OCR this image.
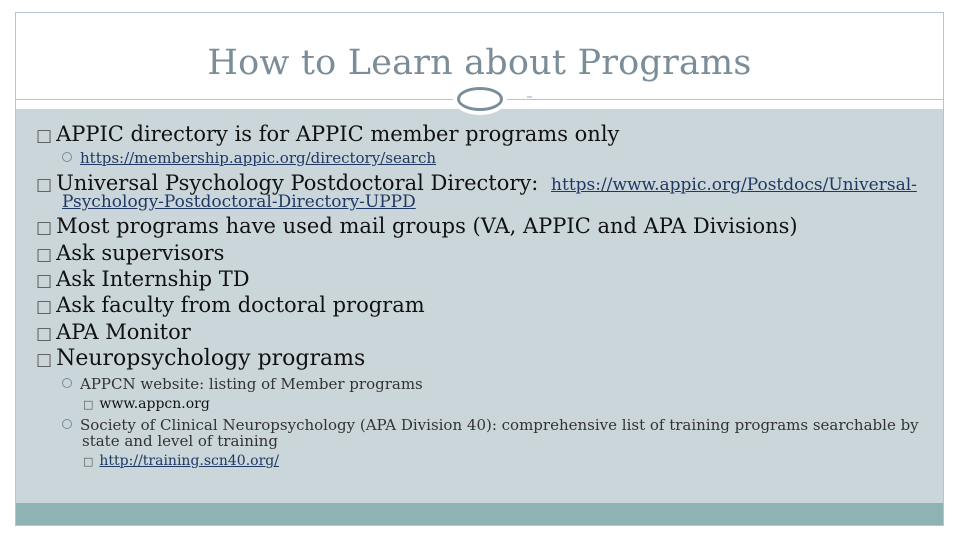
How to Learn about Programs
□ APPIC directory is for APPIC member programs only
https://membership.appic.org/directory/search
□ Universal Psychology Postdoctoral Directory: https://www.appic.org/Postdocs/Universal-
Psychology-Postdoctoral-Directory-UPPD
□ Most programs have used mail groups (VA, APPIC and APA Divisions)
□ Ask supervisors
□ Ask Internship TD
□ Ask faculty from doctoral program
□ APA Monitor
□ Neuropsychology programs
APPCN website: listing of Member programs
□ www.appcn.org
Society of Clinical Neuropsychology (APA Division 40): comprehensive list of training programs searchable by
state and level of training
□ http://training.scn40.org/
